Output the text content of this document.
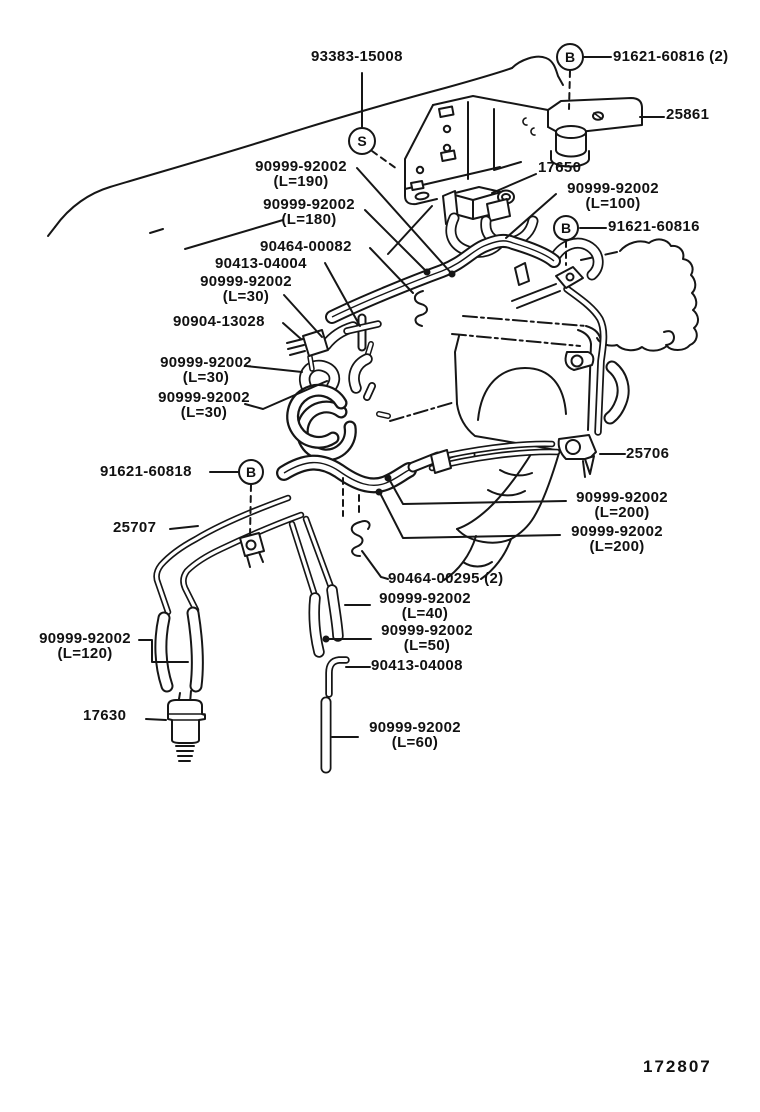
S
B
B
B
93383-15008	91621-60816 (2)
25861
17650
90999-92002
(L=100)
91621-60816
90999-92002
(L=190)
90999-92002
(L=180)
90464-00082
90413-04004
90999-92002
(L=30)
90904-13028
90999-92002
(L=30)
90999-92002
(L=30)
91621-60818
25707
25706
90999-92002
(L=200)
90999-92002
(L=200)
90464-00295 (2)
90999-92002
(L=40)
90999-92002
(L=50)
90413-04008
90999-92002
(L=120)
17630
90999-92002
(L=60)
172807
